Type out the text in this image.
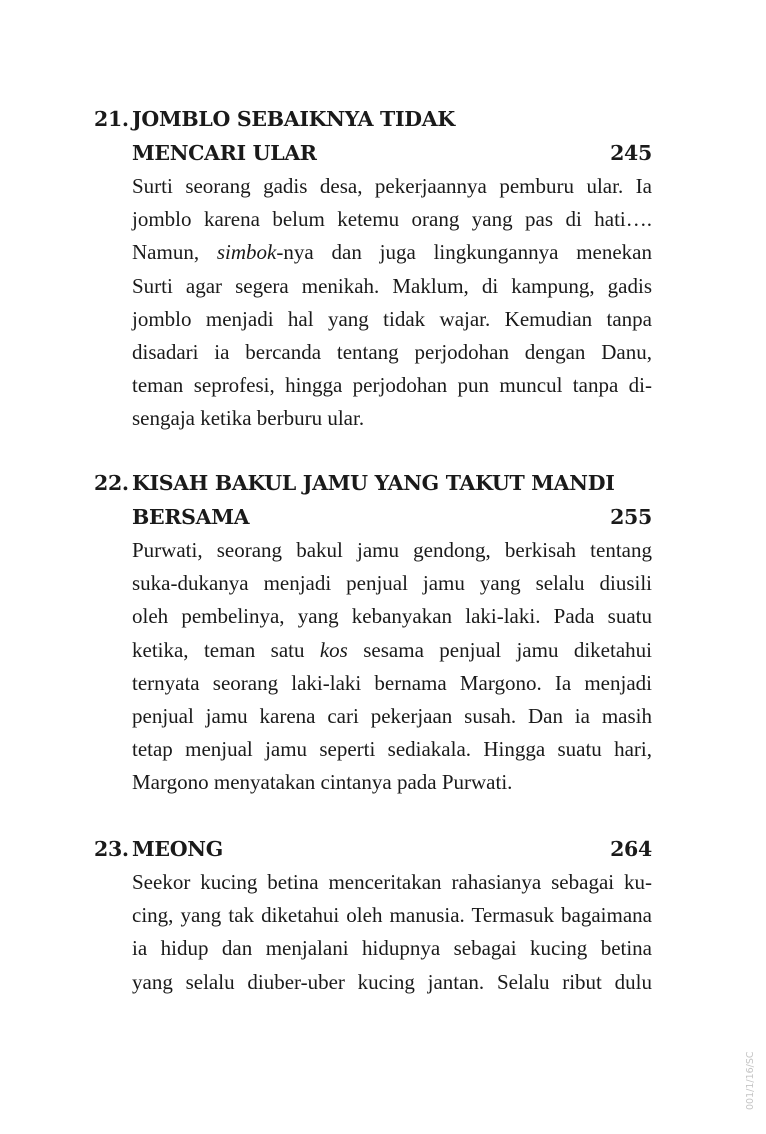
21. JOMBLO SEBAIKNYA TIDAK
MENCARI ULAR	245
Surti seorang gadis desa, pekerjaannya pemburu ular. Ia
jomblo karena belum ketemu orang yang pas di hati….
Namun, simbok-nya dan juga lingkungannya menekan
Surti agar segera menikah. Maklum, di kampung, gadis
jomblo menjadi hal yang tidak wajar. Kemudian tanpa
disadari ia bercanda tentang perjodohan dengan Danu,
teman seprofesi, hingga perjodohan pun muncul tanpa di-
sengaja ketika berburu ular.
22. KISAH BAKUL JAMU YANG TAKUT MANDI
BERSAMA	255
Purwati, seorang bakul jamu gendong, berkisah tentang
suka-dukanya menjadi penjual jamu yang selalu diusili
oleh pembelinya, yang kebanyakan laki-laki. Pada suatu
ketika, teman satu kos sesama penjual jamu diketahui
ternyata seorang laki-laki bernama Margono. Ia menjadi
penjual jamu karena cari pekerjaan susah. Dan ia masih
tetap menjual jamu seperti sediakala. Hingga suatu hari,
Margono menyatakan cintanya pada Purwati.
23. MEONG	264
Seekor kucing betina menceritakan rahasianya sebagai ku-
cing, yang tak diketahui oleh manusia. Termasuk bagaimana
ia hidup dan menjalani hidupnya sebagai kucing betina
yang selalu diuber-uber kucing jantan. Selalu ribut dulu
001/1/16/SC
